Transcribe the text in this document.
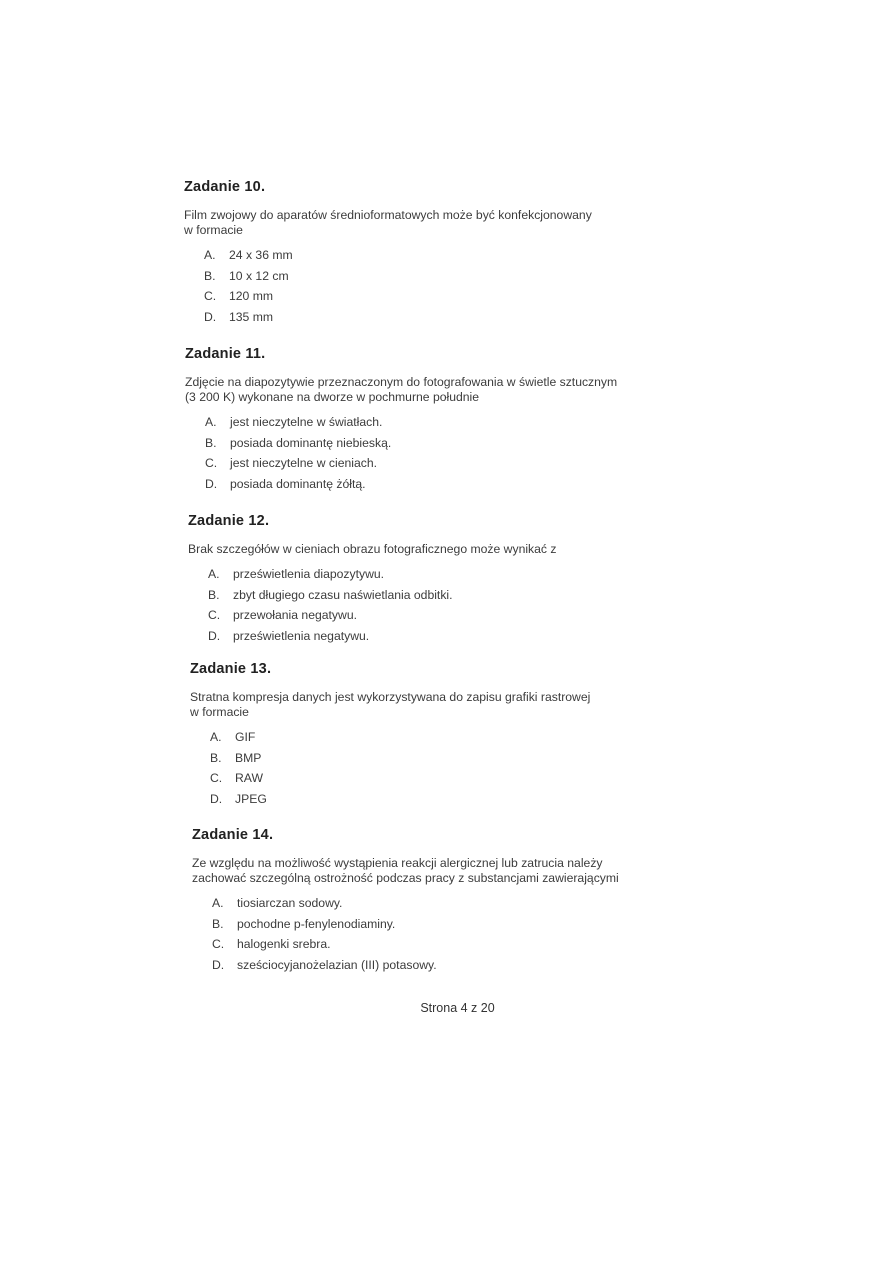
Zadanie 10.
Film zwojowy do aparatów średnioformatowych może być konfekcjonowany
w formacie
A. 24 x 36 mm
B. 10 x 12 cm
C. 120 mm
D. 135 mm
Zadanie 11.
Zdjęcie na diapozytywie przeznaczonym do fotografowania w świetle sztucznym
(3 200 K) wykonane na dworze w pochmurne południe
A. jest nieczytelne w światłach.
B. posiada dominantę niebieską.
C. jest nieczytelne w cieniach.
D. posiada dominantę żółtą.
Zadanie 12.
Brak szczegółów w cieniach obrazu fotograficznego może wynikać z
A. prześwietlenia diapozytywu.
B. zbyt długiego czasu naświetlania odbitki.
C. przewołania negatywu.
D. prześwietlenia negatywu.
Zadanie 13.
Stratna kompresja danych jest wykorzystywana do zapisu grafiki rastrowej
w formacie
A. GIF
B. BMP
C. RAW
D. JPEG
Zadanie 14.
Ze względu na możliwość wystąpienia reakcji alergicznej lub zatrucia należy
zachować szczególną ostrożność podczas pracy z substancjami zawierającymi
A. tiosiarczan sodowy.
B. pochodne p-fenylenodiaminy.
C. halogenki srebra.
D. sześciocyjanożelazian (III) potasowy.
Strona 4 z 20
